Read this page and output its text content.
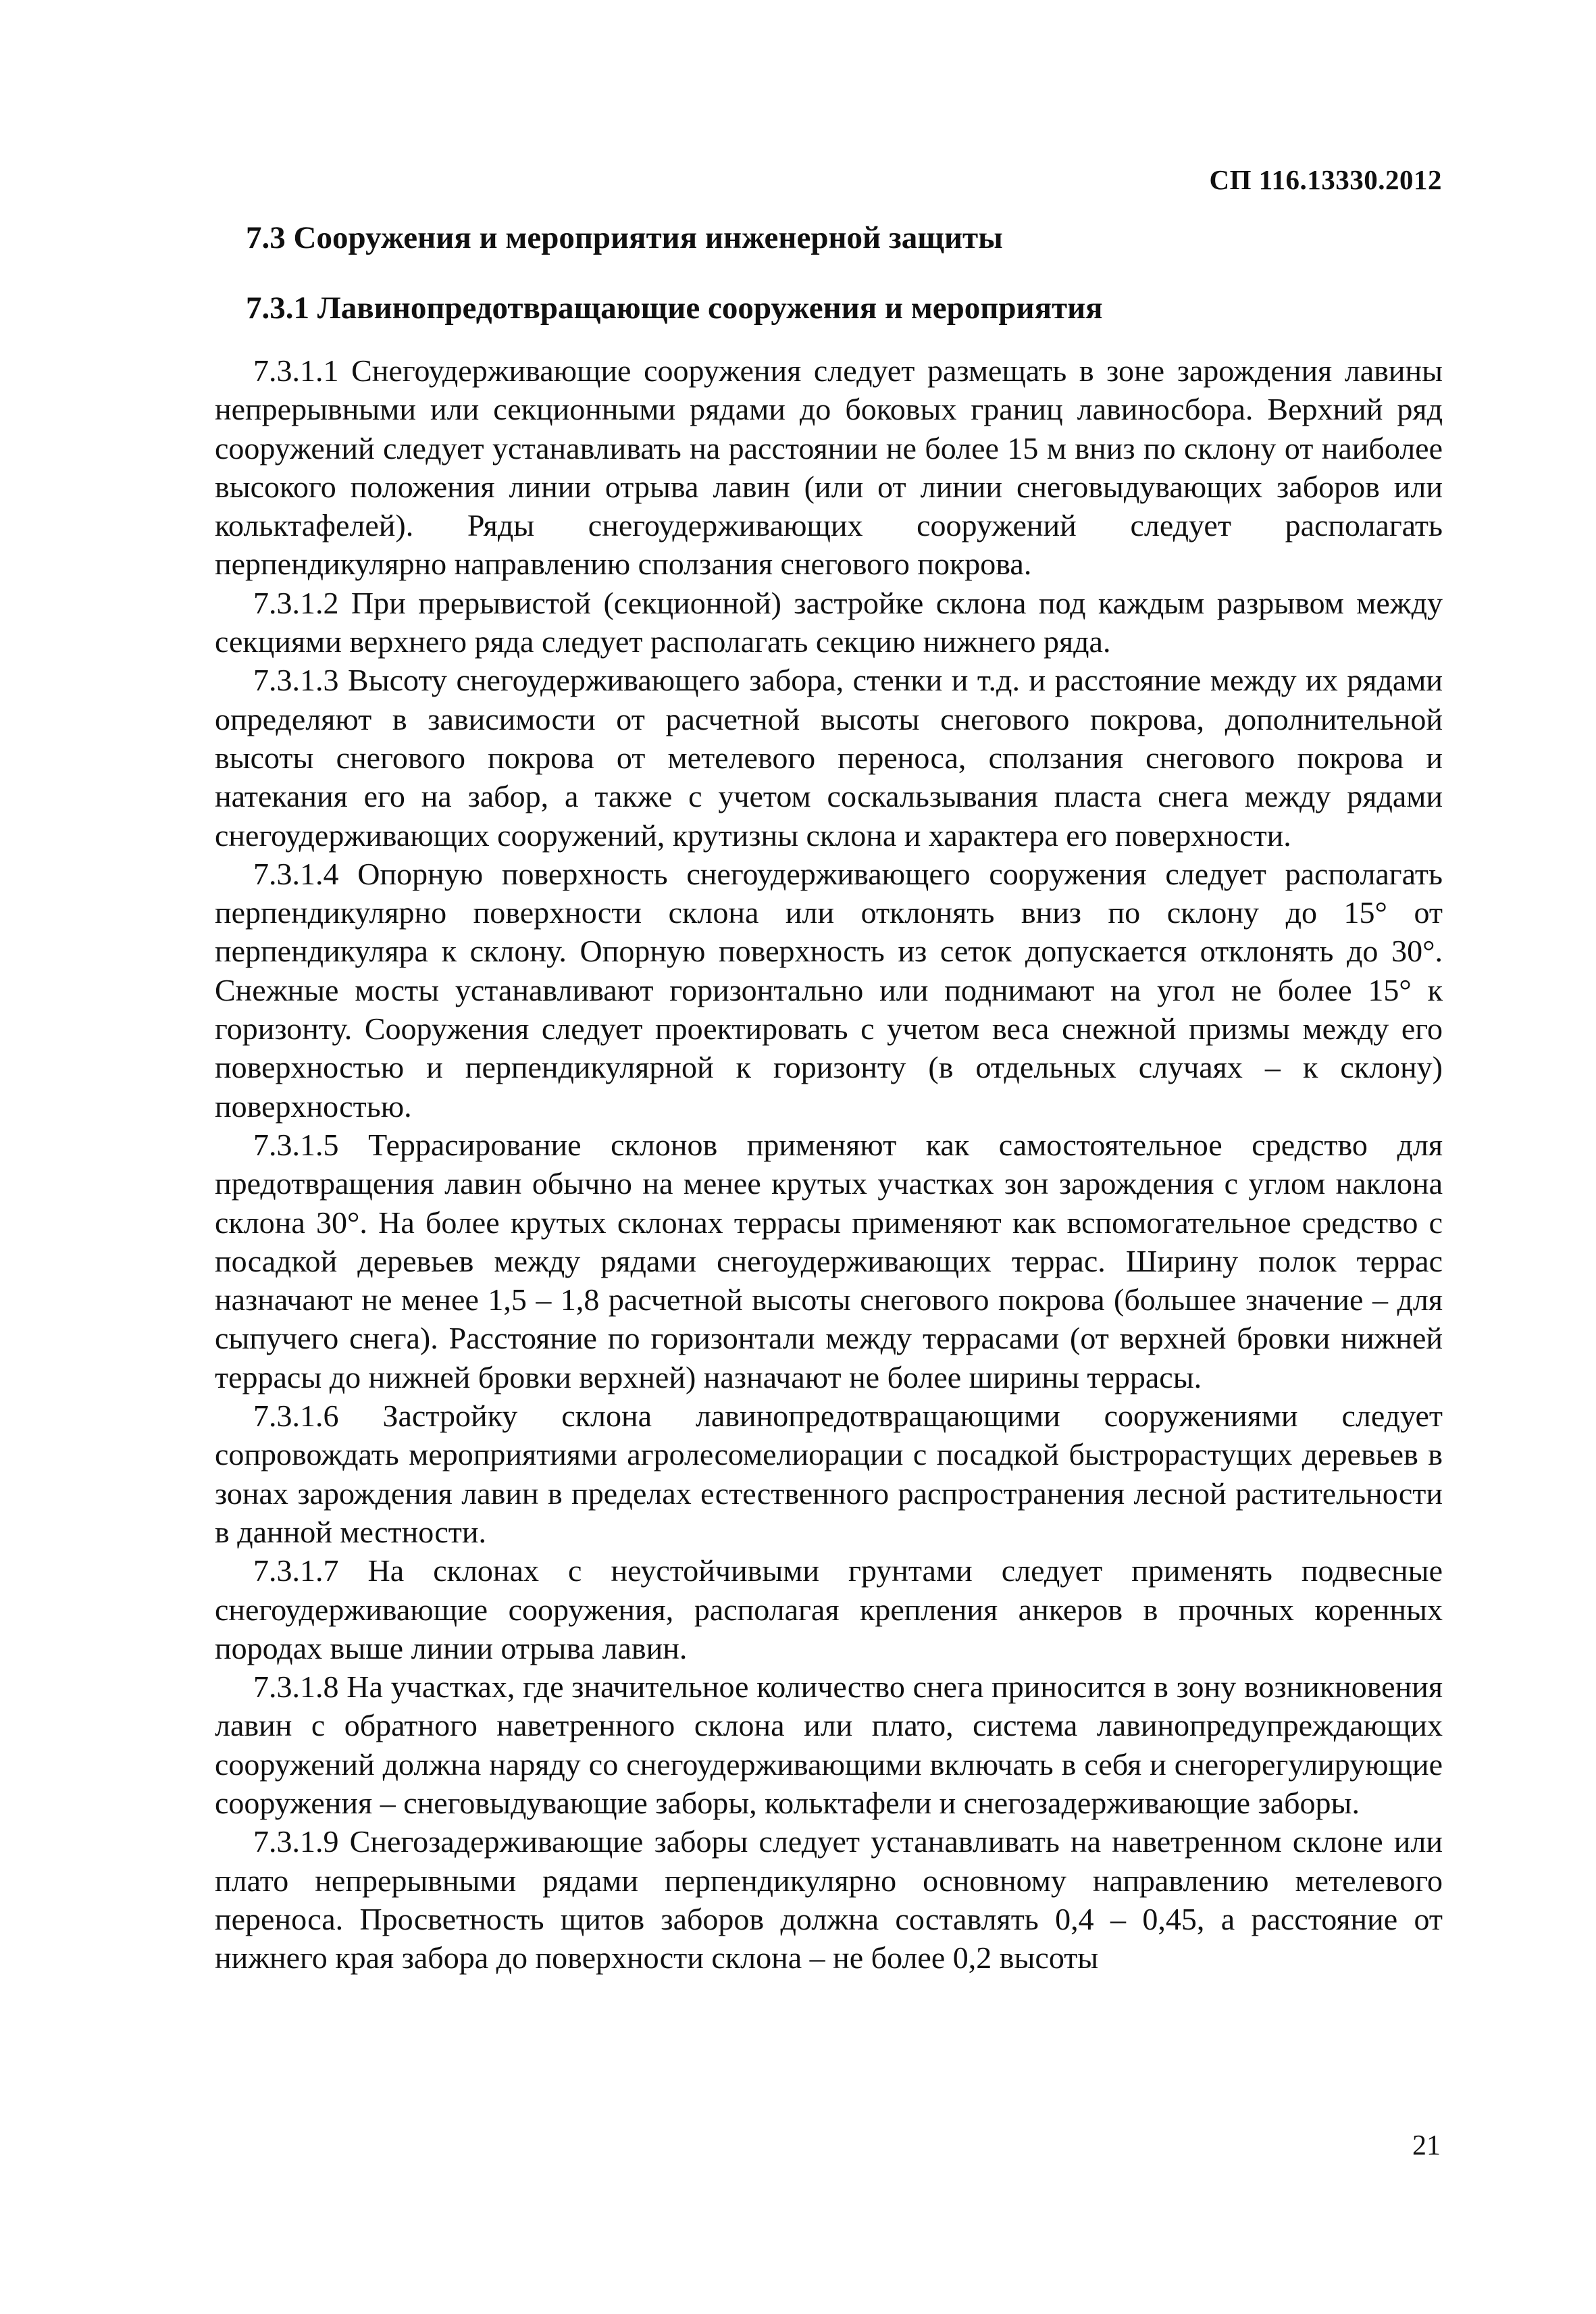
СП 116.13330.2012
7.3 Сооружения и мероприятия инженерной защиты
7.3.1 Лавинопредотвращающие сооружения и мероприятия

7.3.1.1 Снегоудерживающие сооружения следует размещать в зоне зарождения лавины непрерывными или секционными рядами до боковых границ лавиносбора. Верхний ряд сооружений следует устанавливать на расстоянии не более 15 м вниз по склону от наиболее высокого положения линии отрыва лавин (или от линии снеговыдувающих заборов или кольктафелей). Ряды снегоудерживающих сооружений следует располагать перпендикулярно направлению сползания снегового покрова.

7.3.1.2 При прерывистой (секционной) застройке склона под каждым разрывом между секциями верхнего ряда следует располагать секцию нижнего ряда.

7.3.1.3 Высоту снегоудерживающего забора, стенки и т.д. и расстояние между их рядами определяют в зависимости от расчетной высоты снегового покрова, дополнительной высоты снегового покрова от метелевого переноса, сползания снегового покрова и натекания его на забор, а также с учетом соскальзывания пласта снега между рядами снегоудерживающих сооружений, крутизны склона и характера его поверхности.

7.3.1.4 Опорную поверхность снегоудерживающего сооружения следует располагать перпендикулярно поверхности склона или отклонять вниз по склону до 15° от перпендикуляра к склону. Опорную поверхность из сеток допускается отклонять до 30°. Снежные мосты устанавливают горизонтально или поднимают на угол не более 15° к горизонту. Сооружения следует проектировать с учетом веса снежной призмы между его поверхностью и перпендикулярной к горизонту (в отдельных случаях – к склону) поверхностью.

7.3.1.5 Террасирование склонов применяют как самостоятельное средство для предотвращения лавин обычно на менее крутых участках зон зарождения с углом наклона склона 30°. На более крутых склонах террасы применяют как вспомогательное средство с посадкой деревьев между рядами снегоудерживающих террас. Ширину полок террас назначают не менее 1,5 – 1,8 расчетной высоты снегового покрова (большее значение – для сыпучего снега). Расстояние по горизонтали между террасами (от верхней бровки нижней террасы до нижней бровки верхней) назначают не более ширины террасы.

7.3.1.6 Застройку склона лавинопредотвращающими сооружениями следует сопровождать мероприятиями агролесомелиорации с посадкой быстрорастущих деревьев в зонах зарождения лавин в пределах естественного распространения лесной растительности в данной местности.

7.3.1.7 На склонах с неустойчивыми грунтами следует применять подвесные снегоудерживающие сооружения, располагая крепления анкеров в прочных коренных породах выше линии отрыва лавин.

7.3.1.8 На участках, где значительное количество снега приносится в зону возникновения лавин с обратного наветренного склона или плато, система лавинопредупреждающих сооружений должна наряду со снегоудерживающими включать в себя и снегорегулирующие сооружения – снеговыдувающие заборы, кольктафели и снегозадерживающие заборы.

7.3.1.9 Снегозадерживающие заборы следует устанавливать на наветренном склоне или плато непрерывными рядами перпендикулярно основному направлению метелевого переноса. Просветность щитов заборов должна составлять 0,4 – 0,45, а расстояние от нижнего края забора до поверхности склона – не более 0,2 высоты

21
